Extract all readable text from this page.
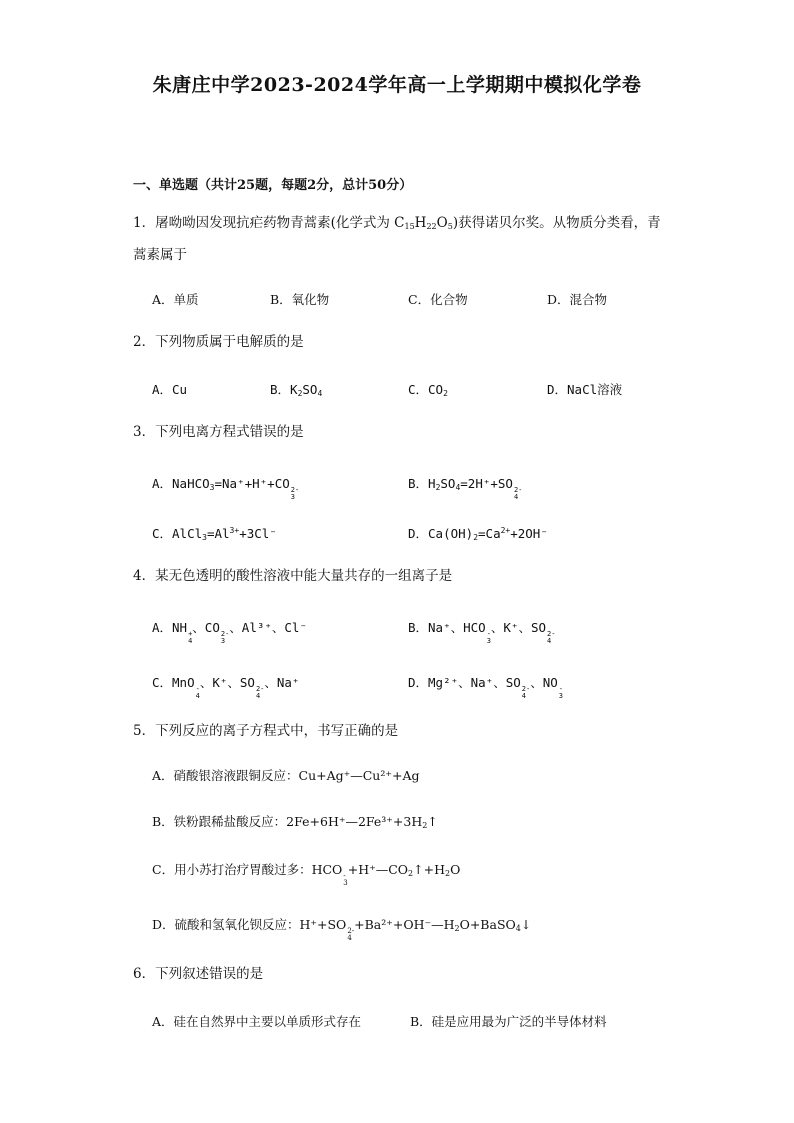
朱唐庄中学2023-2024学年高一上学期期中模拟化学卷
一、单选题（共计25题，每题2分，总计50分）
1．屠呦呦因发现抗疟药物青蒿素(化学式为 $C_{15}H_{22}O_5$)获得诺贝尔奖。从物质分类看，青
蒿素属于
A．单质	B．氧化物	C．化合物	D．混合物
2．下列物质属于电解质的是
A．Cu	B．$K_2SO_4$	C．$CO_2$	D．NaCl溶液
3．下列电离方程式错误的是
A．NaHCO$_3$=Na⁺+H⁺+CO 2-
3
B．$H_2SO_4=2H^++SO$ 2-
4
C．$AlCl_3=Al^{3+}+3Cl^-$	D．$Ca(OH)_2=Ca^{2+}+2OH^-$
4．某无色透明的酸性溶液中能大量共存的一组离子是
A．NH +
4
、CO 2-
3
、Al³⁺、Cl⁻	B．Na⁺、HCO -
3
、K⁺、SO 2-
4
C．MnO -
4
、K⁺、SO 2-
4
、Na⁺	D．Mg²⁺、Na⁺、SO 2-
4
、NO -
3
5．下列反应的离子方程式中，书写正确的是
A．硝酸银溶液跟铜反应：Cu+Ag⁺—Cu²⁺+Ag
B．铁粉跟稀盐酸反应：$2Fe+6H^+—2Fe^{3+}+3H_2↑$
C．用小苏打治疗胃酸过多：HCO -
3
$+H^+—CO_2↑+H_2O$
D．硫酸和氢氧化钡反应：H⁺+SO 2-
4
$+Ba^{2+}+OH^-—H_2O+BaSO_4↓$
6．下列叙述错误的是
A．硅在自然界中主要以单质形式存在	B．硅是应用最为广泛的半导体材料
